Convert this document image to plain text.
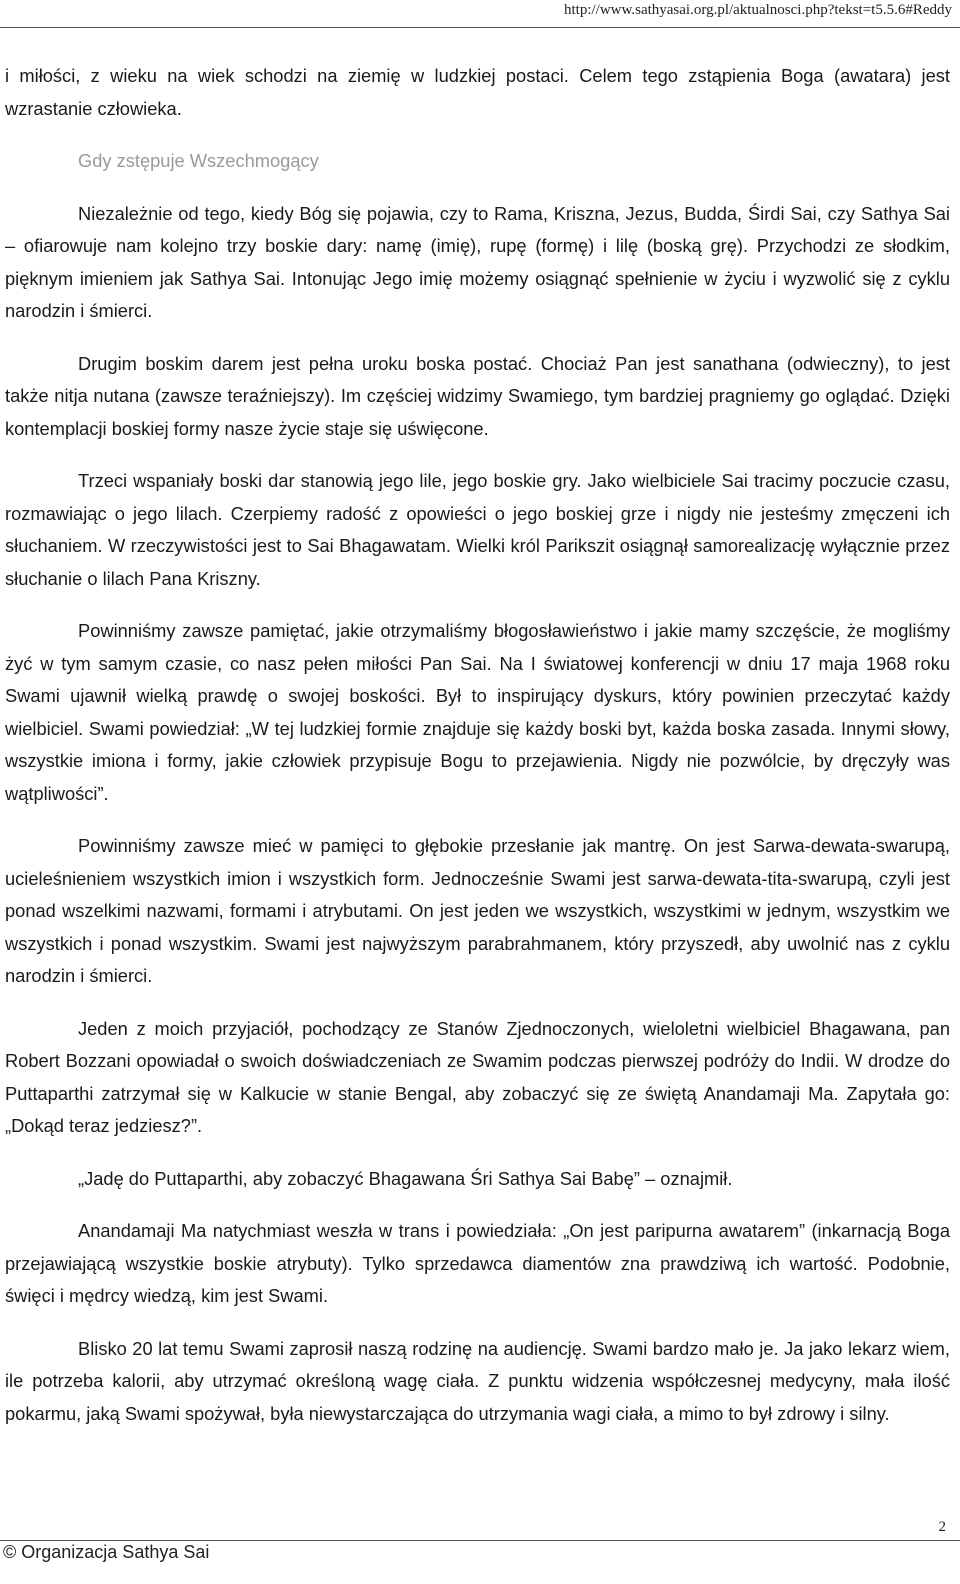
http://www.sathyasai.org.pl/aktualnosci.php?tekst=t5.5.6#Reddy

i miłości, z wieku na wiek schodzi na ziemię w ludzkiej postaci. Celem tego zstąpienia Boga (awatara) jest wzrastanie człowieka.

Gdy zstępuje Wszechmogący

Niezależnie od tego, kiedy Bóg się pojawia, czy to Rama, Kriszna, Jezus, Budda, Śirdi Sai, czy Sathya Sai – ofiarowuje nam kolejno trzy boskie dary: namę (imię), rupę (formę) i lilę (boską grę). Przychodzi ze słodkim, pięknym imieniem jak Sathya Sai. Intonując Jego imię możemy osiągnąć spełnienie w życiu i wyzwolić się z cyklu narodzin i śmierci.

Drugim boskim darem jest pełna uroku boska postać. Chociaż Pan jest sanathana (odwieczny), to jest także nitja nutana (zawsze teraźniejszy). Im częściej widzimy Swamiego, tym bardziej pragniemy go oglądać. Dzięki kontemplacji boskiej formy nasze życie staje się uświęcone.

Trzeci wspaniały boski dar stanowią jego lile, jego boskie gry. Jako wielbiciele Sai tracimy poczucie czasu, rozmawiając o jego lilach. Czerpiemy radość z opowieści o jego boskiej grze i nigdy nie jesteśmy zmęczeni ich słuchaniem. W rzeczywistości jest to Sai Bhagawatam. Wielki król Parikszit osiągnął samorealizację wyłącznie przez słuchanie o lilach Pana Kriszny.

Powinniśmy zawsze pamiętać, jakie otrzymaliśmy błogosławieństwo i jakie mamy szczęście, że mogliśmy żyć w tym samym czasie, co nasz pełen miłości Pan Sai. Na I światowej konferencji w dniu 17 maja 1968 roku Swami ujawnił wielką prawdę o swojej boskości. Był to inspirujący dyskurs, który powinien przeczytać każdy wielbiciel. Swami powiedział: „W tej ludzkiej formie znajduje się każdy boski byt, każda boska zasada. Innymi słowy, wszystkie imiona i formy, jakie człowiek przypisuje Bogu to przejawienia. Nigdy nie pozwólcie, by dręczyły was wątpliwości”.

Powinniśmy zawsze mieć w pamięci to głębokie przesłanie jak mantrę. On jest Sarwa-dewata-swarupą, ucieleśnieniem wszystkich imion i wszystkich form. Jednocześnie Swami jest sarwa-dewata-tita-swarupą, czyli jest ponad wszelkimi nazwami, formami i atrybutami. On jest jeden we wszystkich, wszystkimi w jednym, wszystkim we wszystkich i ponad wszystkim. Swami jest najwyższym parabrahmanem, który przyszedł, aby uwolnić nas z cyklu narodzin i śmierci.

Jeden z moich przyjaciół, pochodzący ze Stanów Zjednoczonych, wieloletni wielbiciel Bhagawana, pan Robert Bozzani opowiadał o swoich doświadczeniach ze Swamim podczas pierwszej podróży do Indii. W drodze do Puttaparthi zatrzymał się w Kalkucie w stanie Bengal, aby zobaczyć się ze świętą Anandamaji Ma. Zapytała go: „Dokąd teraz jedziesz?”.

„Jadę do Puttaparthi, aby zobaczyć Bhagawana Śri Sathya Sai Babę” – oznajmił.

Anandamaji Ma natychmiast weszła w trans i powiedziała: „On jest paripurna awatarem” (inkarnacją Boga przejawiającą wszystkie boskie atrybuty). Tylko sprzedawca diamentów zna prawdziwą ich wartość. Podobnie, święci i mędrcy wiedzą, kim jest Swami.

Blisko 20 lat temu Swami zaprosił naszą rodzinę na audiencję. Swami bardzo mało je. Ja jako lekarz wiem, ile potrzeba kalorii, aby utrzymać określoną wagę ciała. Z punktu widzenia współczesnej medycyny, mała ilość pokarmu, jaką Swami spożywał, była niewystarczająca do utrzymania wagi ciała, a mimo to był zdrowy i silny.

2
© Organizacja Sathya Sai
